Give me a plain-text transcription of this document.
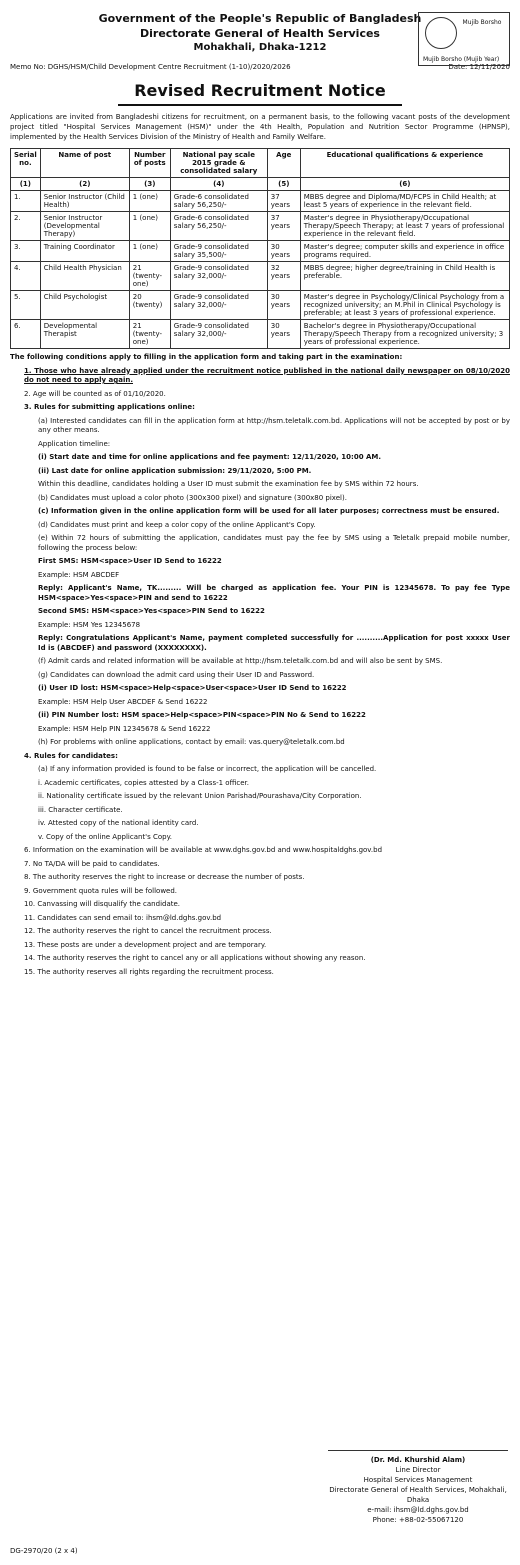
Government of the People's Republic of Bangladesh
Directorate General of Health Services
Mohakhali, Dhaka-1212
Mujib Borsho
Mujib Borsho (Mujib Year)
Memo No: DGHS/HSM/Child Development Centre Recruitment (1-10)/2020/2026	Date: 12/11/2020
Revised Recruitment Notice
Applications are invited from Bangladeshi citizens for recruitment, on a permanent basis, to the following vacant posts of the development project titled "Hospital Services Management (HSM)" under the 4th Health, Population and Nutrition Sector Programme (HPNSP), implemented by the Health Services Division of the Ministry of Health and Family Welfare.
Serial no.	Name of post	Number of posts	National pay scale 2015 grade & consolidated salary	Age	Educational qualifications & experience
(1)	(2)	(3)	(4)	(5)	(6)
1.	Senior Instructor (Child Health)	1 (one)	Grade-6 consolidated salary 56,250/-	37 years	MBBS degree and Diploma/MD/FCPS in Child Health; at least 5 years of experience in the relevant field.
2.	Senior Instructor (Developmental Therapy)	1 (one)	Grade-6 consolidated salary 56,250/-	37 years	Master's degree in Physiotherapy/Occupational Therapy/Speech Therapy; at least 7 years of professional experience in the relevant field.
3.	Training Coordinator	1 (one)	Grade-9 consolidated salary 35,500/-	30 years	Master's degree; computer skills and experience in office programs required.
4.	Child Health Physician	21 (twenty-one)	Grade-9 consolidated salary 32,000/-	32 years	MBBS degree; higher degree/training in Child Health is preferable.
5.	Child Psychologist	20 (twenty)	Grade-9 consolidated salary 32,000/-	30 years	Master's degree in Psychology/Clinical Psychology from a recognized university; an M.Phil in Clinical Psychology is preferable; at least 3 years of professional experience.
6.	Developmental Therapist	21 (twenty-one)	Grade-9 consolidated salary 32,000/-	30 years	Bachelor's degree in Physiotherapy/Occupational Therapy/Speech Therapy from a recognized university; 3 years of professional experience.
The following conditions apply to filling in the application form and taking part in the examination:
1. Those who have already applied under the recruitment notice published in the national daily newspaper on 08/10/2020 do not need to apply again.
2. Age will be counted as of 01/10/2020.
3. Rules for submitting applications online:
(a) Interested candidates can fill in the application form at http://hsm.teletalk.com.bd. Applications will not be accepted by post or by any other means.
Application timeline:
(i) Start date and time for online applications and fee payment: 12/11/2020, 10:00 AM.
(ii) Last date for online application submission: 29/11/2020, 5:00 PM.
Within this deadline, candidates holding a User ID must submit the examination fee by SMS within 72 hours.
(b) Candidates must upload a color photo (300x300 pixel) and signature (300x80 pixel).
(c) Information given in the online application form will be used for all later purposes; correctness must be ensured.
(d) Candidates must print and keep a color copy of the online Applicant's Copy.
(e) Within 72 hours of submitting the application, candidates must pay the fee by SMS using a Teletalk prepaid mobile number, following the process below:
First SMS: HSM<space>User ID Send to 16222
Example: HSM ABCDEF
Reply: Applicant's Name, TK......... Will be charged as application fee. Your PIN is 12345678. To pay fee Type HSM<space>Yes<space>PIN and send to 16222
Second SMS: HSM<space>Yes<space>PIN Send to 16222
Example: HSM Yes 12345678
Reply: Congratulations Applicant's Name, payment completed successfully for ..........Application for post xxxxx User Id is (ABCDEF) and password (XXXXXXXX).
(f) Admit cards and related information will be available at http://hsm.teletalk.com.bd and will also be sent by SMS.
(g) Candidates can download the admit card using their User ID and Password.
(i) User ID lost: HSM<space>Help<space>User<space>User ID Send to 16222
Example: HSM Help User ABCDEF & Send 16222
(ii) PIN Number lost: HSM space>Help<space>PIN<space>PIN No & Send to 16222
Example: HSM Help PIN 12345678 & Send 16222
(h) For problems with online applications, contact by email: vas.query@teletalk.com.bd
4. Rules for candidates:
(a) If any information provided is found to be false or incorrect, the application will be cancelled.
i. Academic certificates, copies attested by a Class-1 officer.
ii. Nationality certificate issued by the relevant Union Parishad/Pourashava/City Corporation.
iii. Character certificate.
iv. Attested copy of the national identity card.
v. Copy of the online Applicant's Copy.
6. Information on the examination will be available at www.dghs.gov.bd and www.hospitaldghs.gov.bd
7. No TA/DA will be paid to candidates.
8. The authority reserves the right to increase or decrease the number of posts.
9. Government quota rules will be followed.
10. Canvassing will disqualify the candidate.
11. Candidates can send email to: ihsm@ld.dghs.gov.bd
12. The authority reserves the right to cancel the recruitment process.
13. These posts are under a development project and are temporary.
14. The authority reserves the right to cancel any or all applications without showing any reason.
15. The authority reserves all rights regarding the recruitment process.
(Dr. Md. Khurshid Alam)
Line Director
Hospital Services Management
Directorate General of Health Services, Mohakhali, Dhaka
e-mail: ihsm@ld.dghs.gov.bd
Phone: +88-02-55067120
DG-2970/20 (2 x 4)
